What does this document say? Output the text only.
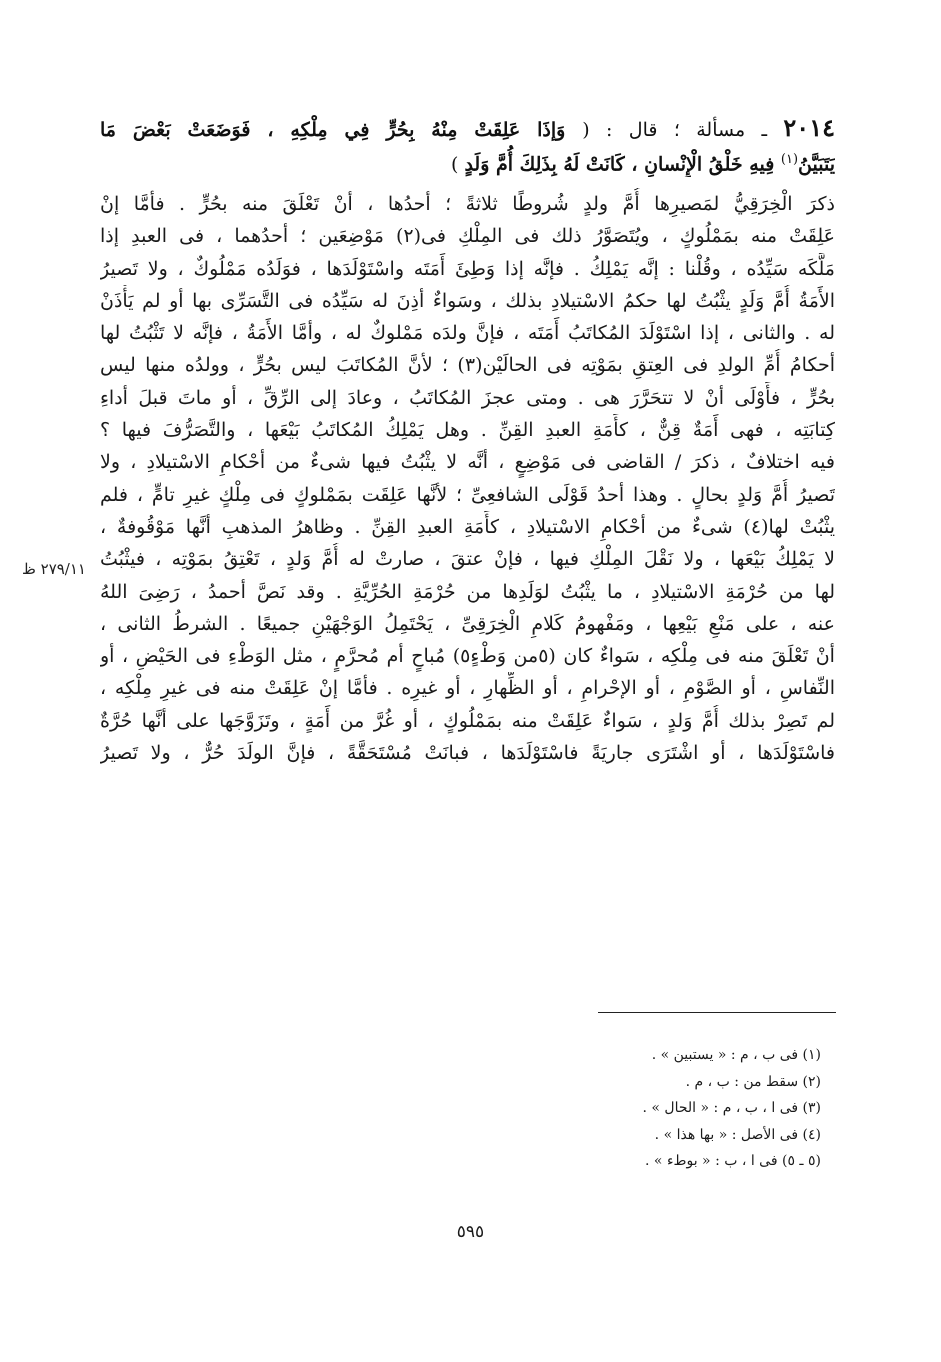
٢٠١٤ ـ مسألة ؛ قال : ( وَإذَا عَلِقَتْ مِنْهُ بِحُرٍّ فِي مِلْكِهِ ، فَوَضَعَتْ بَعْضَ مَا
يَتَبَيَّنُ$^{(١)}$ فِيهِ خَلْقُ الْإِنْسانِ ، كَانَتْ لَهُ بِذَلِكَ أُمَّ وَلَدٍ )
ذكرَ الْخِرَقِيُّ لمَصيرِها أُمَّ ولدٍ شُروطًا ثلاثةً ؛ أحدُها ، أنْ تَعْلَقَ منه بحُرٍّ . فأمَّا إنْ
عَلِقَتْ منه بمَمْلُوكٍ ، ويُتَصَوَّرُ ذلك فى المِلْكِ فى(٢) مَوْضِعَين ؛ أحدُهما ، فى العبدِ إذا
مَلَّكَه سَيِّدُه ، وقُلْنا : إنَّه يَمْلِكُ . فإنَّه إذا وَطِئَ أَمَتَه واسْتَوْلَدَها ، فوَلَدُه مَمْلُوكٌ ، ولا تَصيرُ
الأَمَةُ أُمَّ وَلَدٍ يثْبُتُ لها حكمُ الاسْتيلادِ بذلك ، وسَواءٌ أذِنَ له سَيِّدُه فى التَّسَرِّى بها أو لم يَأْذَنْ
له . والثانى ، إذا اسْتَوْلَدَ المُكاتَبُ أَمَتَه ، فإنَّ ولدَه مَمْلوكٌ له ، وأمَّا الأَمَةُ ، فإنَّه لا تَثْبُتُ لها
أحكامُ أُمِّ الولدِ فى العِتقِ بمَوْتِه فى الحالَيْن(٣) ؛ لأنَّ المُكاتَبَ ليس بحُرٍّ ، وولدُه منها ليس
بحُرٍّ ، فأَوْلَى أنْ لا تتحَرَّرَ هى . ومتى عجزَ المُكاتَبُ ، وعادَ إلى الرِّقِّ ، أو ماتَ قبلَ أداءِ
كِتابَتِه ، فهى أَمَةٌ قِنٌّ ، كأَمَةِ العبدِ القِنِّ . وهل يَمْلِكُ المُكاتَبُ بَيْعَها ، والتَّصَرُّفَ فيها ؟
فيه اختلافٌ ، ذكرَ / القاضى فى مَوْضِعٍ ، أنَّه لا يثْبُتُ فيها شىءٌ من أحْكامِ الاسْتيلادِ ، ولا
تَصيرُ أُمَّ وَلدٍ بحالٍ . وهذا أحدُ قَوْلَى الشافعِىِّ ؛ لأنَّها عَلِقَت بمَمْلوكٍ فى مِلْكٍ غيرِ تامٍّ ، فلم
يثْبُتْ لها(٤) شىءٌ من أحْكامِ الاسْتيلادِ ، كأَمَةِ العبدِ القِنِّ . وظاهرُ المذهبِ أنَّها مَوْقُوفةٌ ،
لا يَمْلِكُ بَيْعَها ، ولا نَقْلَ المِلْكِ فيها ، فإنْ عتقَ ، صارتْ له أُمَّ وَلدٍ ، تَعْتِقُ بمَوْتِه ، فيثْبُتُ
لها من حُرْمَةِ الاسْتيلادِ ، ما يثْبُتُ لوَلَدِها من حُرْمَةِ الحُرِّيَّةِ . وقد نَصَّ أحمدُ ، رَضِىَ اللهُ
عنه ، على مَنْعِ بَيْعِها ، ومَفْهومُ كَلامِ الْخِرَقِىِّ ، يَحْتَمِلُ الوَجْهَيْنِ جميعًا . الشرطُ الثانى ،
أنْ تَعْلَقَ منه فى مِلْكِه ، سَواءٌ كان (٥من وَطْءٍ٥) مُباحٍ أم مُحرَّمٍ ، مثل الوَطْءِ فى الحَيْضِ ، أو
النِّفاسِ ، أو الصَّوْمِ ، أو الإحْرامِ ، أو الظِّهارِ ، أو غيرِه . فأمَّا إنْ عَلِقَتْ منه فى غيرِ مِلْكِه ،
لم تَصِرْ بذلك أُمَّ وَلدٍ ، سَواءٌ عَلِقَتْ منه بمَمْلُوكٍ ، أو غُرَّ من أَمَةٍ ، وتَزَوَّجَها على أنَّها حُرَّةٌ
فاسْتَوْلَدَها ، أو اشْتَرَى جاريَةً فاسْتَوْلَدَها ، فبانَتْ مُسْتَحَقَّةً ، فإنَّ الولَدَ حُرٌّ ، ولا تَصيرُ
٢٧٩/١١ ظ
(١) فى ب ، م : « يستبين » .
(٢) سقط من : ب ، م .
(٣) فى ا ، ب ، م : « الحال » .
(٤) فى الأصل : « بها هذا » .
(٥ ـ ٥) فى ا ، ب : « بوطء » .
٥٩٥
